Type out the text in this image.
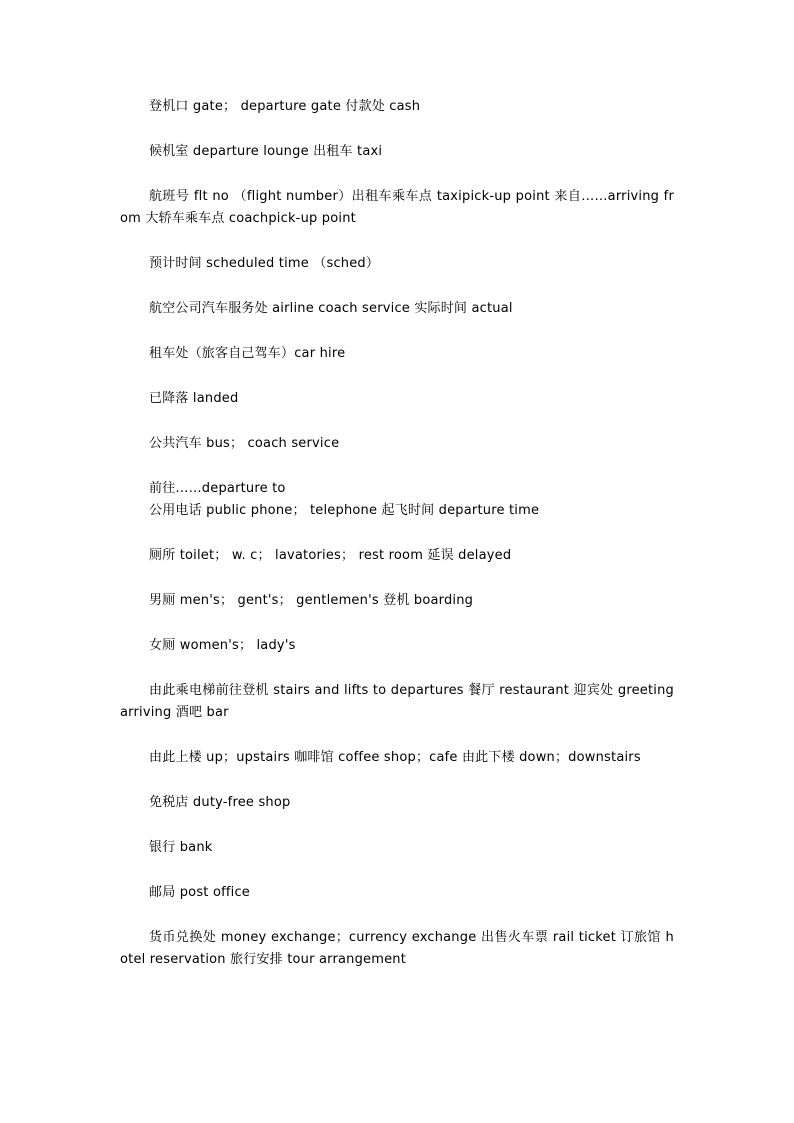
登机口 gate； departure gate 付款处 cash

候机室 departure lounge 出租车 taxi

航班号 flt no （flight number）出租车乘车点 taxipick-up point 来自……arriving from 大轿车乘车点 coachpick-up point

预计时间 scheduled time （sched）

航空公司汽车服务处 airline coach service 实际时间 actual

租车处（旅客自己驾车）car hire

已降落 landed

公共汽车 bus； coach service

前往……departure to

公用电话 public phone； telephone 起飞时间 departure time

厕所 toilet； w. c； lavatories； rest room 延误 delayed

男厕 men's； gent's； gentlemen's 登机 boarding

女厕 women's； lady's

由此乘电梯前往登机 stairs and lifts to departures 餐厅 restaurant 迎宾处 greeting arriving 酒吧 bar

由此上楼 up；upstairs 咖啡馆 coffee shop；cafe 由此下楼 down；downstairs

免税店 duty-free shop

银行 bank

邮局 post office

货币兑换处 money exchange；currency exchange 出售火车票 rail ticket 订旅馆 hotel reservation 旅行安排 tour arrangement
